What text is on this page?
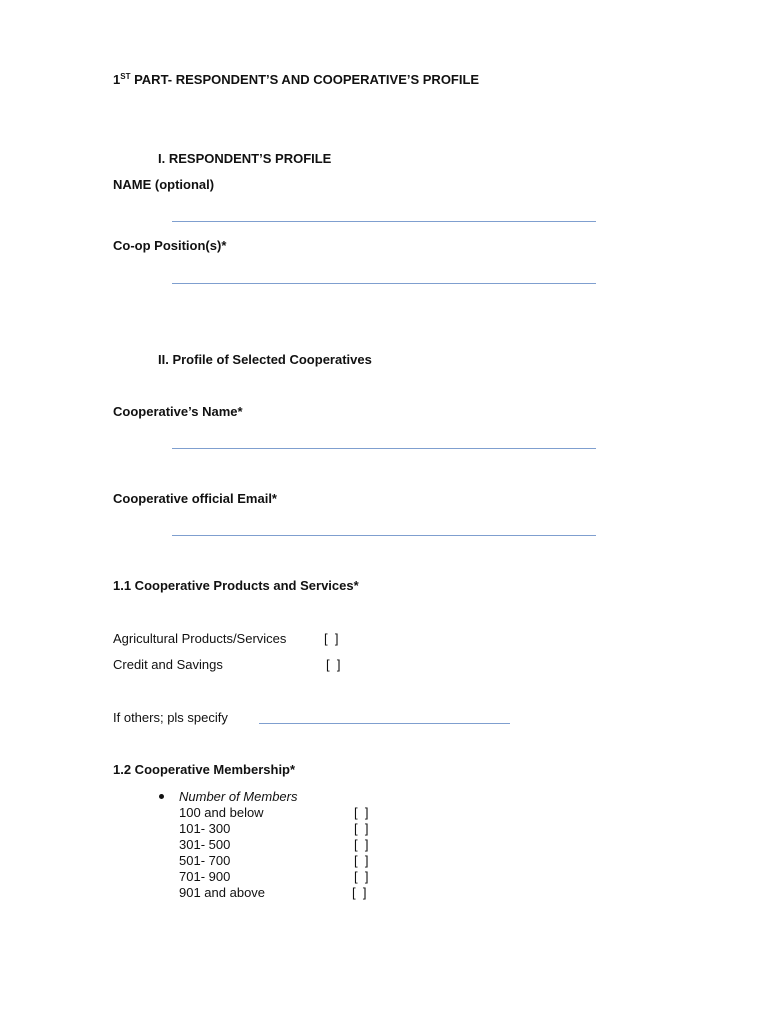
1ST PART- RESPONDENT’S AND COOPERATIVE’S PROFILE
I. RESPONDENT’S PROFILE
NAME (optional)
Co-op Position(s)*
II. Profile of Selected Cooperatives
Cooperative’s Name*
Cooperative official Email*
1.1 Cooperative Products and Services*
Agricultural Products/Services	[  ]
Credit and Savings	[  ]
If others; pls specify
1.2 Cooperative Membership*
Number of Members
100 and below	[  ]
101- 300	[  ]
301- 500	[  ]
501- 700	[  ]
701- 900	[  ]
901 and above	[  ]
